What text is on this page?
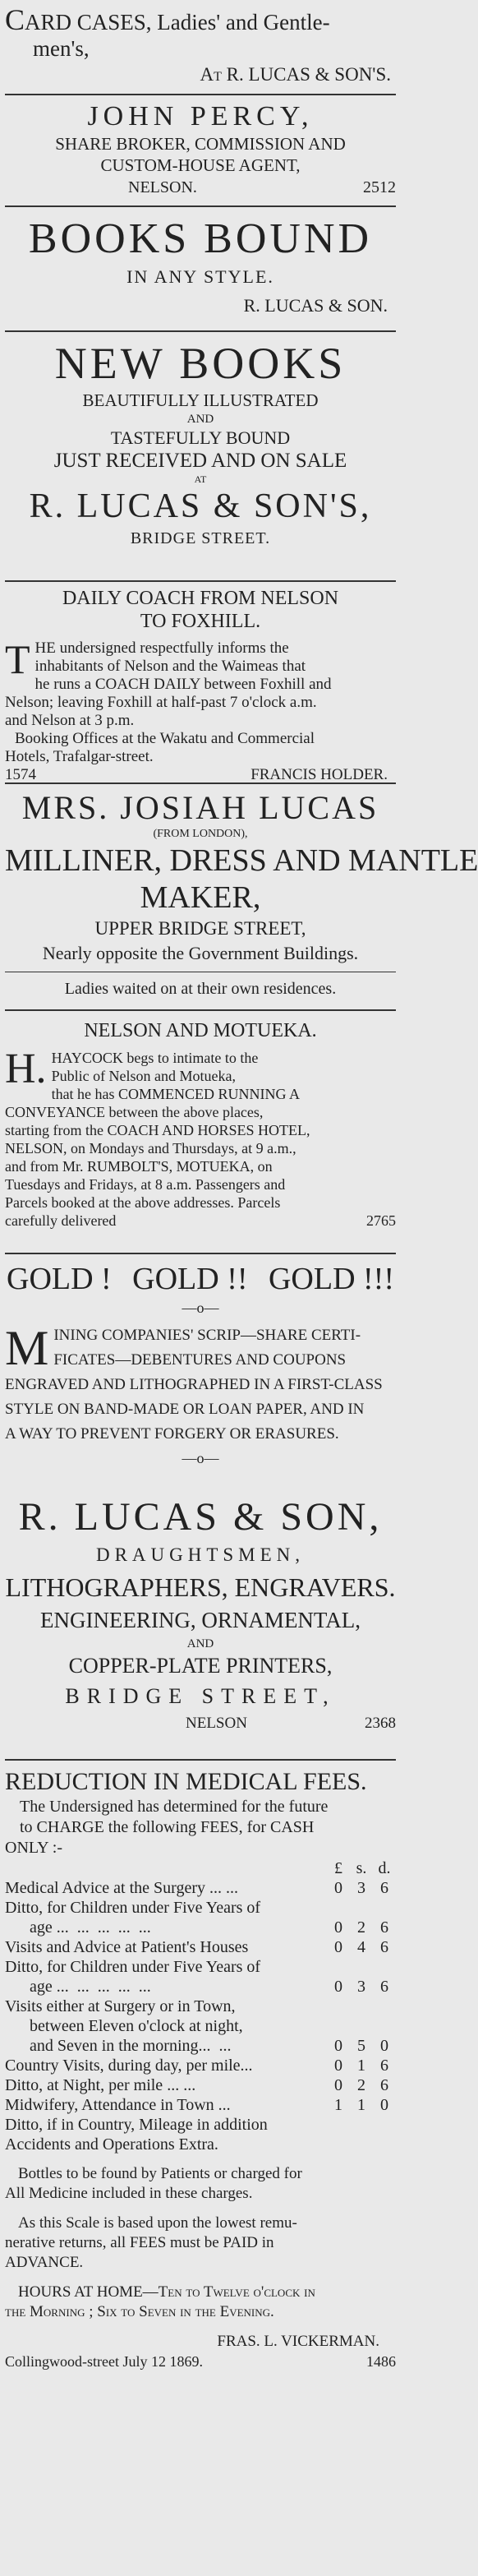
CARD CASES, Ladies' and Gentle-
men's,
At R. LUCAS & SON'S.
JOHN PERCY,
SHARE BROKER, COMMISSION AND
CUSTOM-HOUSE AGENT,
NELSON.	2512
BOOKS BOUND
IN ANY STYLE.
R. LUCAS & SON.
NEW BOOKS
BEAUTIFULLY ILLUSTRATED
AND
TASTEFULLY BOUND
JUST RECEIVED AND ON SALE
AT
R. LUCAS & SON'S,
BRIDGE STREET.
DAILY COACH FROM NELSON
TO FOXHILL.
T HE undersigned respectfully informs the
inhabitants of Nelson and the Waimeas that
he runs a COACH DAILY between Foxhill and
Nelson; leaving Foxhill at half-past 7 o'clock a.m.
and Nelson at 3 p.m.
Booking Offices at the Wakatu and Commercial
Hotels, Trafalgar-street.
1574	FRANCIS HOLDER.
MRS. JOSIAH LUCAS
(FROM LONDON),
MILLINER, DRESS AND MANTLE
MAKER,
UPPER BRIDGE STREET,
Nearly opposite the Government Buildings.
Ladies waited on at their own residences.
NELSON AND MOTUEKA.
H. HAYCOCK begs to intimate to the
Public of Nelson and Motueka,
that he has COMMENCED RUNNING A
CONVEYANCE between the above places,
starting from the COACH AND HORSES HOTEL,
NELSON, on Mondays and Thursdays, at 9 a.m.,
and from Mr. RUMBOLT'S, MOTUEKA, on
Tuesdays and Fridays, at 8 a.m. Passengers and
Parcels booked at the above addresses. Parcels
carefully delivered	2765
GOLD ! GOLD !! GOLD !!!
—o—
M INING COMPANIES' SCRIP—SHARE CERTI-
FICATES—DEBENTURES AND COUPONS
ENGRAVED AND LITHOGRAPHED IN A FIRST-CLASS
STYLE ON BAND-MADE OR LOAN PAPER, AND IN
A WAY TO PREVENT FORGERY OR ERASURES.
—o—
R. LUCAS & SON,
DRAUGHTSMEN,
LITHOGRAPHERS, ENGRAVERS.
ENGINEERING, ORNAMENTAL,
AND
COPPER-PLATE PRINTERS,
BRIDGE STREET,
NELSON	2368
REDUCTION IN MEDICAL FEES.
The Undersigned has determined for the future
to CHARGE the following FEES, for CASH
ONLY :-
	£	s.	d.
Medical Advice at the Surgery ... ...	0	3	6
Ditto, for Children under Five Years of			
age ...  ...  ...  ...  ...	0	2	6
Visits and Advice at Patient's Houses	0	4	6
Ditto, for Children under Five Years of			
age ...  ...  ...  ...  ...	0	3	6
Visits either at Surgery or in Town,			
between Eleven o'clock at night,			
and Seven in the morning...  ...	0	5	0
Country Visits, during day, per mile...	0	1	6
Ditto, at Night, per mile ... ...	0	2	6
Midwifery, Attendance in Town ...	1	1	0
Ditto, if in Country, Mileage in addition			
Accidents and Operations Extra.			
Bottles to be found by Patients or charged for
All Medicine included in these charges.
As this Scale is based upon the lowest remu-
nerative returns, all FEES must be PAID in
ADVANCE.
HOURS AT HOME—Ten to Twelve o'clock in
the Morning ; Six to Seven in the Evening.
FRAS. L. VICKERMAN.
Collingwood-street July 12 1869.	1486
